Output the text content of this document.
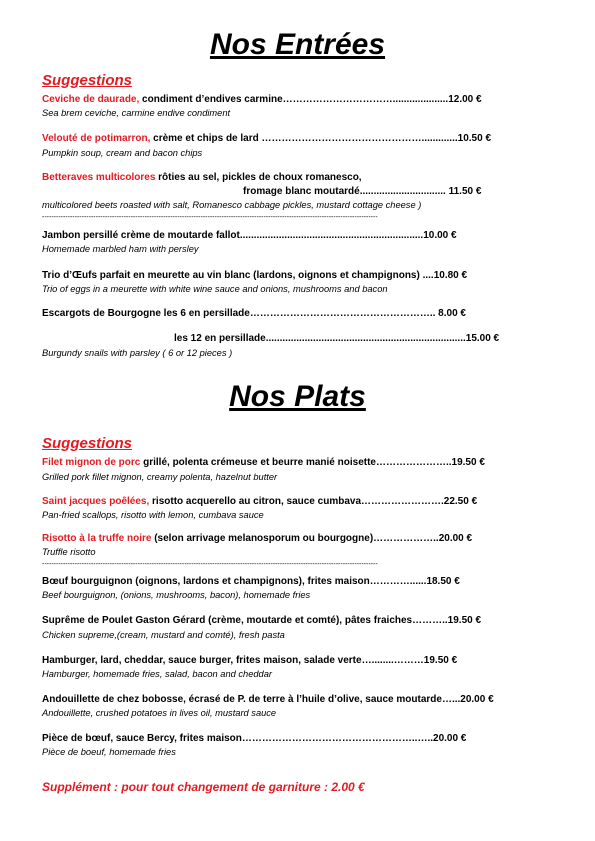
Nos Entrées
Suggestions
Ceviche de daurade, condiment d’endives carmine……………………………....................12.00 €
Sea brem ceviche, carmine endive condiment
Velouté de potimarron, crème et chips de lard ………………………………………….............10.50 €
Pumpkin soup, cream and bacon chips
Betteraves multicolores rôties au sel, pickles de choux romanesco,
fromage blanc moutardé............................... 11.50 €
multicolored beets roasted with salt, Romanesco cabbage pickles, mustard cottage cheese )
------------------------------------------------------------------------------------------------------------------------------------------------
Jambon persillé crème de moutarde fallot..................................................................10.00 €
Homemade marbled ham with persley
Trio d’Œufs parfait en meurette au vin blanc (lardons, oignons et champignons) ....10.80 €
Trio of eggs in a meurette with white wine sauce and onions, mushrooms and bacon
Escargots de Bourgogne les 6 en persillade……………………………………………….. 8.00 €
les 12 en persillade........................................................................15.00 €
Burgundy snails with parsley ( 6 or 12 pieces )
Nos Plats
Suggestions
Filet mignon de porc grillé, polenta crémeuse et beurre manié noisette…………………..19.50 €
Grilled pork fillet mignon, creamy polenta, hazelnut butter
Saint jacques poêlées, risotto acquerello au citron, sauce cumbava…………………….22.50 €
Pan-fried scallops, risotto with lemon, cumbava sauce
Risotto à la truffe noire (selon arrivage melanosporum ou bourgogne)………………..20.00 €
Truffle risotto
------------------------------------------------------------------------------------------------------------------------------------------------
Bœuf bourguignon (oignons, lardons et champignons), frites maison…………......18.50 €
Beef bourguignon, (onions, mushrooms, bacon), homemade fries
Suprême de Poulet Gaston Gérard (crème, moutarde et comté), pâtes fraiches………..19.50 €
Chicken supreme,(cream, mustard and comté), fresh pasta
Hamburger, lard, cheddar, sauce burger, frites maison, salade verte…........………19.50 €
Hamburger, homemade fries, salad, bacon and cheddar
Andouillette de chez bobosse, écrasé de P. de terre à l’huile d’olive, sauce moutarde…...20.00 €
Andouillette, crushed potatoes in lives oil, mustard sauce
Pièce de bœuf, sauce Bercy, frites maison……………………………………………..…..20.00 €
Pièce de boeuf, homemade fries
Supplément : pour tout changement de garniture : 2.00 €
